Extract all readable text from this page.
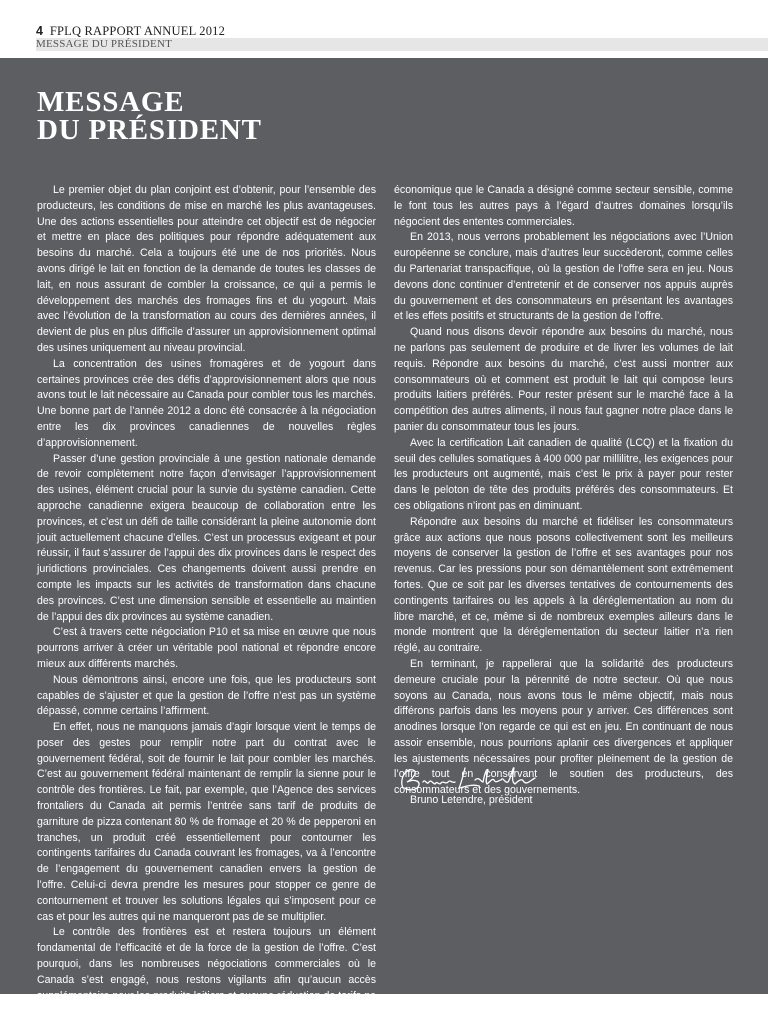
4 FPLQ RAPPORT ANNUEL 2012
MESSAGE DU PRÉSIDENT
MESSAGE
DU PRÉSIDENT

Le premier objet du plan conjoint est d’obtenir, pour l’ensemble des producteurs, les conditions de mise en marché les plus avantageuses. Une des actions essentielles pour atteindre cet objectif est de négocier et mettre en place des politiques pour répondre adéquatement aux besoins du marché. Cela a toujours été une de nos priorités. Nous avons dirigé le lait en fonction de la demande de toutes les classes de lait, en nous assurant de combler la croissance, ce qui a permis le développement des marchés des fromages fins et du yogourt. Mais avec l’évolution de la transformation au cours des dernières années, il devient de plus en plus difficile d’assurer un approvisionnement optimal des usines uniquement au niveau provincial.

La concentration des usines fromagères et de yogourt dans certaines provinces crée des défis d’approvisionnement alors que nous avons tout le lait nécessaire au Canada pour combler tous les marchés. Une bonne part de l’année 2012 a donc été consacrée à la négociation entre les dix provinces canadiennes de nouvelles règles d’approvisionnement.

Passer d’une gestion provinciale à une gestion nationale demande de revoir complètement notre façon d’envisager l’approvisionnement des usines, élément crucial pour la survie du système canadien. Cette approche canadienne exigera beaucoup de collaboration entre les provinces, et c’est un défi de taille considérant la pleine autonomie dont jouit actuellement chacune d’elles. C’est un processus exigeant et pour réussir, il faut s’assurer de l’appui des dix provinces dans le respect des juridictions provinciales. Ces changements doivent aussi prendre en compte les impacts sur les activités de transformation dans chacune des provinces. C’est une dimension sensible et essentielle au maintien de l’appui des dix provinces au système canadien.

C’est à travers cette négociation P10 et sa mise en œuvre que nous pourrons arriver à créer un véritable pool national et répondre encore mieux aux différents marchés.

Nous démontrons ainsi, encore une fois, que les producteurs sont capables de s’ajuster et que la gestion de l’offre n’est pas un système dépassé, comme certains l’affirment.

En effet, nous ne manquons jamais d’agir lorsque vient le temps de poser des gestes pour remplir notre part du contrat avec le gouvernement fédéral, soit de fournir le lait pour combler les marchés. C’est au gouvernement fédéral maintenant de remplir la sienne pour le contrôle des frontières. Le fait, par exemple, que l’Agence des services frontaliers du Canada ait permis l’entrée sans tarif de produits de garniture de pizza contenant 80 % de fromage et 20 % de pepperoni en tranches, un produit créé essentiellement pour contourner les contingents tarifaires du Canada couvrant les fromages, va à l’encontre de l’engagement du gouvernement canadien envers la gestion de l’offre. Celui-ci devra prendre les mesures pour stopper ce genre de contournement et trouver les solutions légales qui s’imposent pour ce cas et pour les autres qui ne manqueront pas de se multiplier.

Le contrôle des frontières est et restera toujours un élément fondamental de l’efficacité et de la force de la gestion de l’offre. C’est pourquoi, dans les nombreuses négociations commerciales où le Canada s’est engagé, nous restons vigilants afin qu’aucun accès supplémentaire pour les produits laitiers et aucune réduction de tarifs ne soient accordés. La gestion de l’offre est un domaine d’activité

économique que le Canada a désigné comme secteur sensible, comme le font tous les autres pays à l’égard d’autres domaines lorsqu’ils négocient des ententes commerciales.

En 2013, nous verrons probablement les négociations avec l’Union européenne se conclure, mais d’autres leur succèderont, comme celles du Partenariat transpacifique, où la gestion de l’offre sera en jeu. Nous devons donc continuer d’entretenir et de conserver nos appuis auprès du gouvernement et des consommateurs en présentant les avantages et les effets positifs et structurants de la gestion de l’offre.

Quand nous disons devoir répondre aux besoins du marché, nous ne parlons pas seulement de produire et de livrer les volumes de lait requis. Répondre aux besoins du marché, c’est aussi montrer aux consommateurs où et comment est produit le lait qui compose leurs produits laitiers préférés. Pour rester présent sur le marché face à la compétition des autres aliments, il nous faut gagner notre place dans le panier du consommateur tous les jours.

Avec la certification Lait canadien de qualité (LCQ) et la fixation du seuil des cellules somatiques à 400 000 par millilitre, les exigences pour les producteurs ont augmenté, mais c’est le prix à payer pour rester dans le peloton de tête des produits préférés des consommateurs. Et ces obligations n’iront pas en diminuant.

Répondre aux besoins du marché et fidéliser les consommateurs grâce aux actions que nous posons collectivement sont les meilleurs moyens de conserver la gestion de l’offre et ses avantages pour nos revenus. Car les pressions pour son démantèlement sont extrêmement fortes. Que ce soit par les diverses tentatives de contournements des contingents tarifaires ou les appels à la déréglementation au nom du libre marché, et ce, même si de nombreux exemples ailleurs dans le monde montrent que la déréglementation du secteur laitier n’a rien réglé, au contraire.

En terminant, je rappellerai que la solidarité des producteurs demeure cruciale pour la pérennité de notre secteur. Où que nous soyons au Canada, nous avons tous le même objectif, mais nous différons parfois dans les moyens pour y arriver. Ces différences sont anodines lorsque l’on regarde ce qui est en jeu. En continuant de nous assoir ensemble, nous pourrions aplanir ces divergences et appliquer les ajustements nécessaires pour profiter pleinement de la gestion de l’offre tout en conservant le soutien des producteurs, des consommateurs et des gouvernements.

Bruno Letendre, président
